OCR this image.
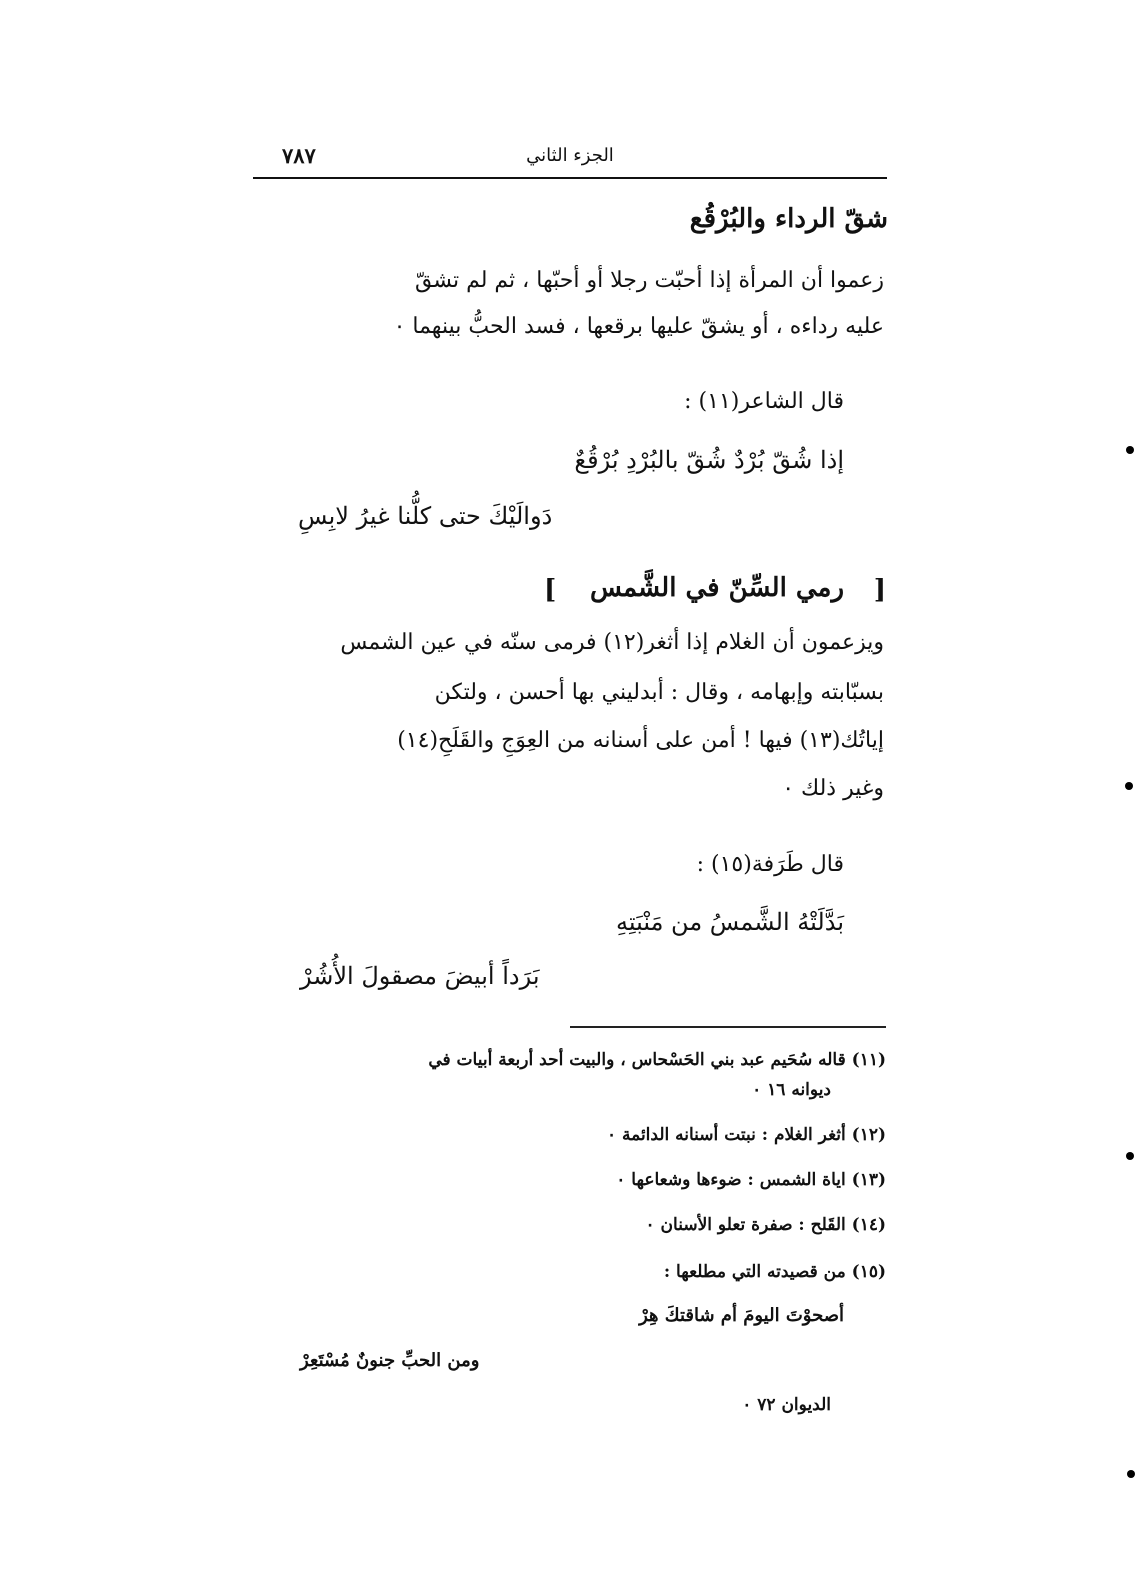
الجزء الثاني
٧٨٧
شقّ الرداء والبُرْقُع
زعموا أن المرأة إذا أحبّت رجلا أو أحبّها ، ثم لم تشقّ
عليه رداءه ، أو يشقّ عليها برقعها ، فسد الحبُّ بينهما ٠
قال الشاعر(١١) :
إذا شُقّ بُرْدٌ شُقّ بالبُرْدِ بُرْقُعٌ
دَوالَيْكَ حتى كلُّنا غيرُ لابِسِ
[
رمي السِّنّ في الشَّمس
]
ويزعمون أن الغلام إذا أثغر(١٢) فرمى سنّه في عين الشمس
بسبّابته وإبهامه ، وقال : أبدليني بها أحسن ، ولتكن
إياتُك(١٣) فيها ! أمن على أسنانه من العِوَجِ والقَلَحِ(١٤)
وغير ذلك ٠
قال طَرَفة(١٥) :
بَدَّلَتْهُ الشَّمسُ من مَنْبَتِهِ
بَرَداً أبيضَ مصقولَ الأُشُرْ
(١١) قاله سُحَيم عبد بني الحَسْحاس ، والبيت أحد أربعة أبيات في
ديوانه ١٦ ٠
(١٢) أثغر الغلام : نبتت أسنانه الدائمة ٠
(١٣) اياة الشمس : ضوءها وشعاعها ٠
(١٤) القَلح : صفرة تعلو الأسنان ٠
(١٥) من قصيدته التي مطلعها :
أصحوْتَ اليومَ أم شاقتكَ هِرْ
ومن الحبِّ جنونٌ مُسْتَعِرْ
الديوان ٧٢ ٠
